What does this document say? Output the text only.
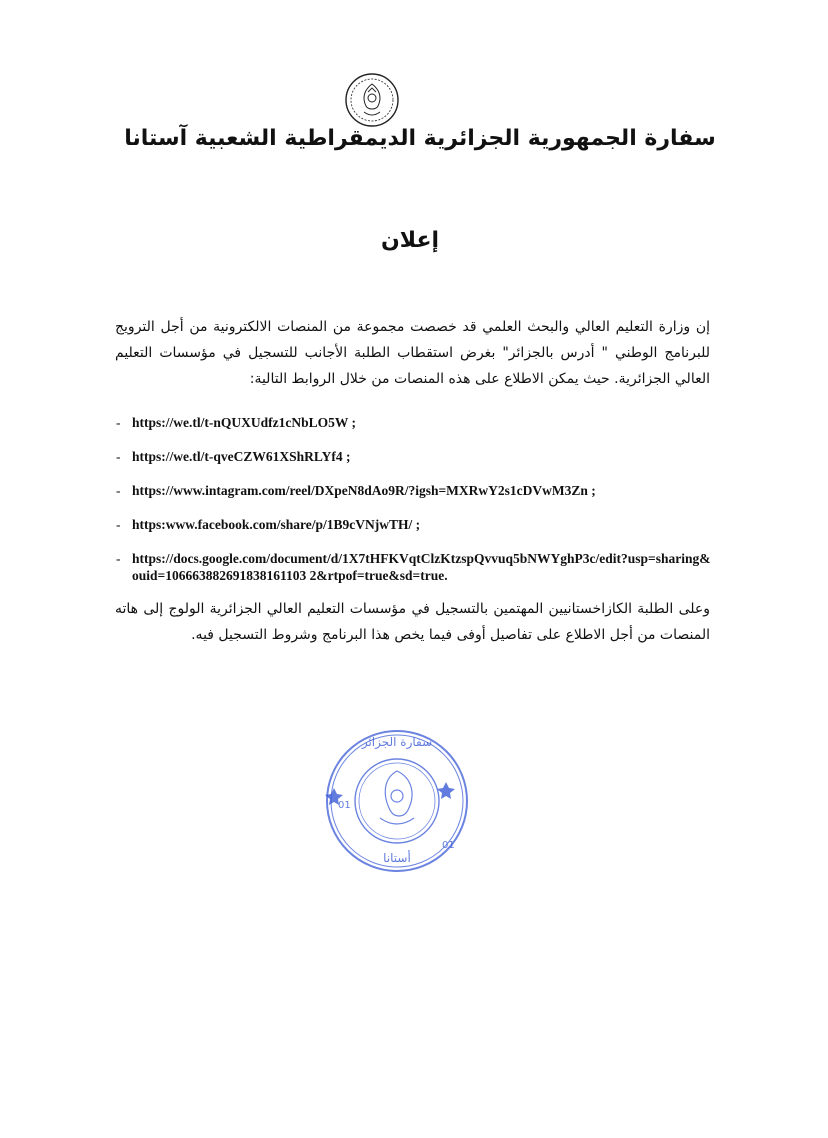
سفارة الجمهورية الجزائرية الديمقراطية الشعبية آستانا
إعلان

إن وزارة التعليم العالي والبحث العلمي قد خصصت مجموعة من المنصات الالكترونية من أجل الترويج للبرنامج الوطني " أدرس بالجزائر" بغرض استقطاب الطلبة الأجانب للتسجيل في مؤسسات التعليم العالي الجزائرية. حيث يمكن الاطلاع على هذه المنصات من خلال الروابط التالية:

- https://we.tl/t-nQUXUdfz1cNbLO5W ;
- https://we.tl/t-qveCZW61XShRLYf4 ;
- https://www.intagram.com/reel/DXpeN8dAo9R/?igsh=MXRwY2s1cDVwM3Zn ;
- https:www.facebook.com/share/p/1B9cVNjwTH/ ;
- https://docs.google.com/document/d/1X7tHFKVqtClzKtzspQvvuq5bNWYghP3c/edit?usp=sharing&ouid=106663882691838161103 2&rtpof=true&sd=true.

وعلى الطلبة الكازاخستانيين المهتمين بالتسجيل في مؤسسات التعليم العالي الجزائرية الولوج إلى هاته المنصات من أجل الاطلاع على تفاصيل أوفى فيما يخص هذا البرنامج وشروط التسجيل فيه.

سفارة الجزائر
01
01
أستانا
